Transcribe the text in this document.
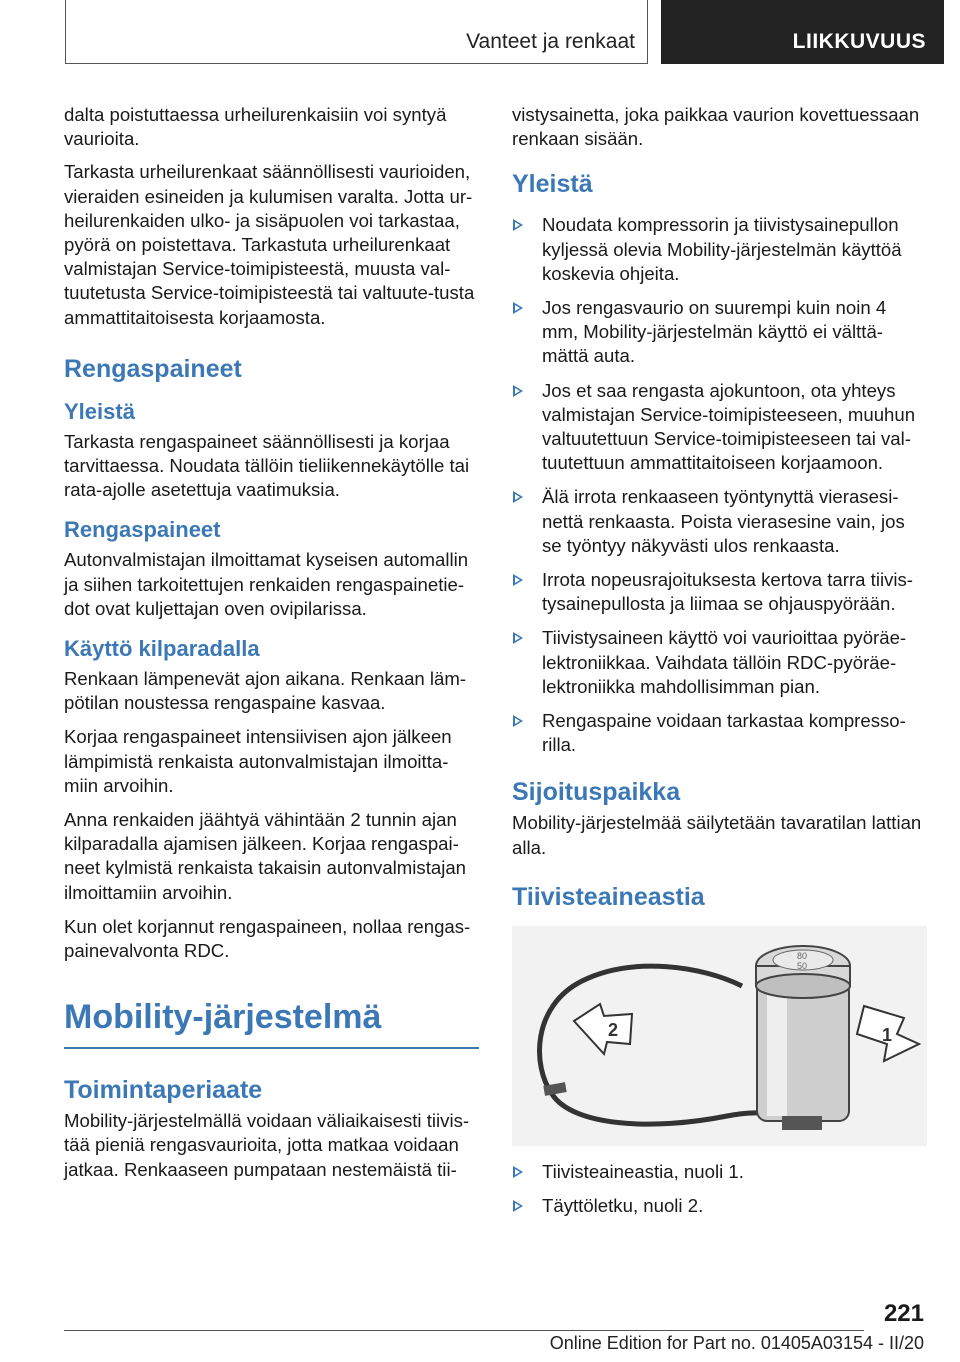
Vanteet ja renkaat	LIIKKUVUUS

dalta poistuttaessa urheilurenkaisiin voi syntyä vaurioita.

Tarkasta urheilurenkaat säännöllisesti vaurioiden, vieraiden esineiden ja kulumisen varalta. Jotta ur-heilurenkaiden ulko- ja sisäpuolen voi tarkastaa, pyörä on poistettava. Tarkastuta urheilurenkaat valmistajan Service-toimipisteestä, muusta val-tuutetusta Service-toimipisteestä tai valtuute-tusta ammattitaitoisesta korjaamosta.

Rengaspaineet
Yleistä

Tarkasta rengaspaineet säännöllisesti ja korjaa tarvittaessa. Noudata tällöin tieliikennekäytölle tai rata-ajolle asetettuja vaatimuksia.

Rengaspaineet

Autonvalmistajan ilmoittamat kyseisen automallin ja siihen tarkoitettujen renkaiden rengaspainetie-dot ovat kuljettajan oven ovipilarissa.

Käyttö kilparadalla

Renkaan lämpenevät ajon aikana. Renkaan läm-pötilan noustessa rengaspaine kasvaa.

Korjaa rengaspaineet intensiivisen ajon jälkeen lämpimistä renkaista autonvalmistajan ilmoitta-miin arvoihin.

Anna renkaiden jäähtyä vähintään 2 tunnin ajan kilparadalla ajamisen jälkeen. Korjaa rengaspai-neet kylmistä renkaista takaisin autonvalmistajan ilmoittamiin arvoihin.

Kun olet korjannut rengaspaineen, nollaa rengas-painevalvonta RDC.

Mobility-järjestelmä
Toimintaperiaate

Mobility-järjestelmällä voidaan väliaikaisesti tiivis-tää pieniä rengasvaurioita, jotta matkaa voidaan jatkaa. Renkaaseen pumpataan nestemäistä tii-

vistysainetta, joka paikkaa vaurion kovettuessaan renkaan sisään.

Yleistä
Noudata kompressorin ja tiivistysainepullon kyljessä olevia Mobility-järjestelmän käyttöä koskevia ohjeita.
Jos rengasvaurio on suurempi kuin noin 4 mm, Mobility-järjestelmän käyttö ei välttä-mättä auta.
Jos et saa rengasta ajokuntoon, ota yhteys valmistajan Service-toimipisteeseen, muuhun valtuutettuun Service-toimipisteeseen tai val-tuutettuun ammattitaitoiseen korjaamoon.
Älä irrota renkaaseen työntynyttä vierasesi-nettä renkaasta. Poista vierasesine vain, jos se työntyy näkyvästi ulos renkaasta.
Irrota nopeusrajoituksesta kertova tarra tiivis-tysainepullosta ja liimaa se ohjauspyörään.
Tiivistysaineen käyttö voi vaurioittaa pyöräe-lektroniikkaa. Vaihdata tällöin RDC-pyöräe-lektroniikka mahdollisimman pian.
Rengaspaine voidaan tarkastaa kompresso-rilla.
Sijoituspaikka

Mobility-järjestelmää säilytetään tavaratilan lattian alla.

Tiivisteaineastia
80
50
1
2
Tiivisteaineastia, nuoli 1.
Täyttöletku, nuoli 2.
221
Online Edition for Part no. 01405A03154 - II/20
